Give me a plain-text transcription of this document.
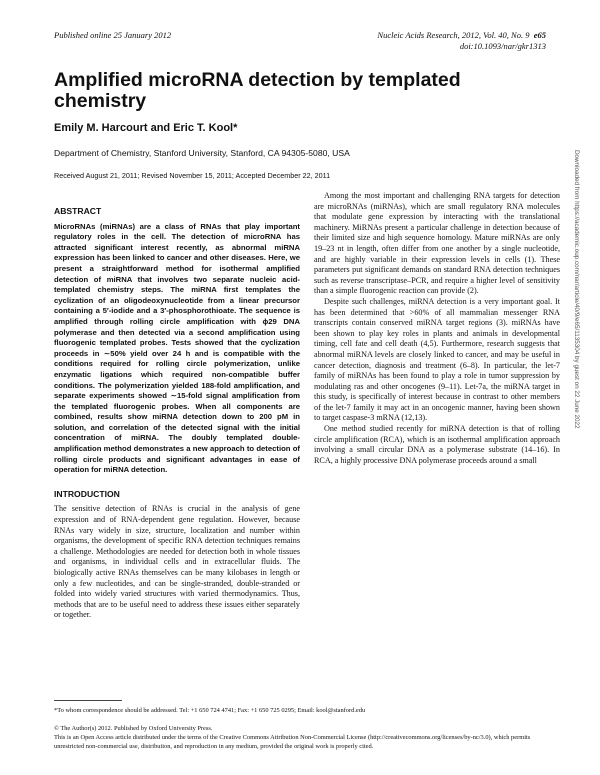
Published online 25 January 2012	Nucleic Acids Research, 2012, Vol. 40, No. 9 e65
doi:10.1093/nar/gkr1313
Amplified microRNA detection by templated chemistry
Emily M. Harcourt and Eric T. Kool*
Department of Chemistry, Stanford University, Stanford, CA 94305-5080, USA
Received August 21, 2011; Revised November 15, 2011; Accepted December 22, 2011
ABSTRACT

MicroRNAs (miRNAs) are a class of RNAs that play important regulatory roles in the cell. The detection of microRNA has attracted significant interest recently, as abnormal miRNA expression has been linked to cancer and other diseases. Here, we present a straightforward method for isothermal amplified detection of miRNA that involves two separate nucleic acid-templated chemistry steps. The miRNA first templates the cyclization of an oligodeoxynucleotide from a linear precursor containing a 5′-iodide and a 3′-phosphorothioate. The sequence is amplified through rolling circle amplification with ϕ29 DNA polymerase and then detected via a second amplification using fluorogenic templated probes. Tests showed that the cyclization proceeds in ∼50% yield over 24 h and is compatible with the conditions required for rolling circle polymerization, unlike enzymatic ligations which required non-compatible buffer conditions. The polymerization yielded 188-fold amplification, and separate experiments showed ∼15-fold signal amplification from the templated fluorogenic probes. When all components are combined, results show miRNA detection down to 200 pM in solution, and correlation of the detected signal with the initial concentration of miRNA. The doubly templated double-amplification method demonstrates a new approach to detection of rolling circle products and significant advantages in ease of operation for miRNA detection.

INTRODUCTION

The sensitive detection of RNAs is crucial in the analysis of gene expression and of RNA-dependent gene regulation. However, because RNAs vary widely in size, structure, localization and number within organisms, the development of specific RNA detection techniques remains a challenge. Methodologies are needed for detection both in whole tissues and organisms, in individual cells and in extracellular fluids. The biologically active RNAs themselves can be many kilobases in length or only a few nucleotides, and can be single-stranded, double-stranded or folded into widely varied structures with varied thermodynamics. Thus, methods that are to be useful need to address these issues either separately or together.

Among the most important and challenging RNA targets for detection are microRNAs (miRNAs), which are small regulatory RNA molecules that modulate gene expression by interacting with the translational machinery. MiRNAs present a particular challenge in detection because of their limited size and high sequence homology. Mature miRNAs are only 19–23 nt in length, often differ from one another by a single nucleotide, and are highly variable in their expression levels in cells (1). These parameters put significant demands on standard RNA detection techniques such as reverse transcriptase–PCR, and require a higher level of sensitivity than a simple fluorogenic reaction can provide (2).

Despite such challenges, miRNA detection is a very important goal. It has been determined that >60% of all mammalian messenger RNA transcripts contain conserved miRNA target regions (3). miRNAs have been shown to play key roles in plants and animals in developmental timing, cell fate and cell death (4,5). Furthermore, research suggests that abnormal miRNA levels are closely linked to cancer, and may be useful in cancer detection, diagnosis and treatment (6–8). In particular, the let-7 family of miRNAs has been found to play a role in tumor suppression by modulating ras and other oncogenes (9–11). Let-7a, the miRNA target in this study, is specifically of interest because in contrast to other members of the let-7 family it may act in an oncogenic manner, having been shown to target caspase-3 mRNA (12,13).

One method studied recently for miRNA detection is that of rolling circle amplification (RCA), which is an isothermal amplification approach involving a small circular DNA as a polymerase substrate (14–16). In RCA, a highly processive DNA polymerase proceeds around a small

Downloaded from https://academic.oup.com/nar/article/40/9/e65/1135304 by guest on 22 June 2022
*To whom correspondence should be addressed. Tel: +1 650 724 4741; Fax: +1 650 725 0295; Email: kool@stanford.edu
© The Author(s) 2012. Published by Oxford University Press.
This is an Open Access article distributed under the terms of the Creative Commons Attribution Non-Commercial License (http://creativecommons.org/licenses/by-nc/3.0), which permits unrestricted non-commercial use, distribution, and reproduction in any medium, provided the original work is properly cited.
